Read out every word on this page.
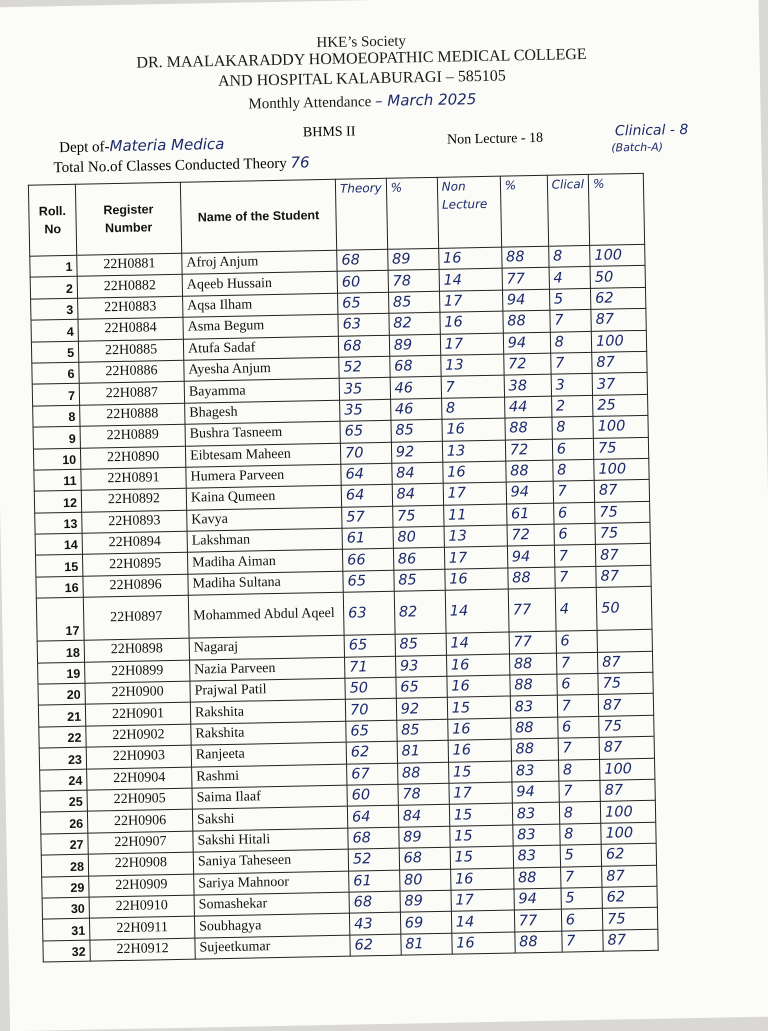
HKE’s Society
DR. MAALAKARADDY HOMOEOPATHIC MEDICAL COLLEGE
AND HOSPITAL KALABURAGI – 585105
Monthly Attendance – March 2025
Dept of-Materia Medica
BHMS II
Total No.of Classes Conducted Theory 76
Non Lecture - 18	Clinical - 8
(Batch-A)
Roll. No	Register Number	Name of the Student	Theory	%	Non Lecture	%	Clical	%
1	22H0881	Afroj Anjum	68	89	16	88	8	100
2	22H0882	Aqeeb Hussain	60	78	14	77	4	50
3	22H0883	Aqsa Ilham	65	85	17	94	5	62
4	22H0884	Asma Begum	63	82	16	88	7	87
5	22H0885	Atufa Sadaf	68	89	17	94	8	100
6	22H0886	Ayesha Anjum	52	68	13	72	7	87
7	22H0887	Bayamma	35	46	7	38	3	37
8	22H0888	Bhagesh	35	46	8	44	2	25
9	22H0889	Bushra Tasneem	65	85	16	88	8	100
10	22H0890	Eibtesam Maheen	70	92	13	72	6	75
11	22H0891	Humera Parveen	64	84	16	88	8	100
12	22H0892	Kaina Qumeen	64	84	17	94	7	87
13	22H0893	Kavya	57	75	11	61	6	75
14	22H0894	Lakshman	61	80	13	72	6	75
15	22H0895	Madiha Aiman	66	86	17	94	7	87
16	22H0896	Madiha Sultana	65	85	16	88	7	87
17	22H0897	Mohammed Abdul Aqeel	63	82	14	77	4	50
18	22H0898	Nagaraj	65	85	14	77	6	
19	22H0899	Nazia Parveen	71	93	16	88	7	87
20	22H0900	Prajwal Patil	50	65	16	88	6	75
21	22H0901	Rakshita	70	92	15	83	7	87
22	22H0902	Rakshita	65	85	16	88	6	75
23	22H0903	Ranjeeta	62	81	16	88	7	87
24	22H0904	Rashmi	67	88	15	83	8	100
25	22H0905	Saima Ilaaf	60	78	17	94	7	87
26	22H0906	Sakshi	64	84	15	83	8	100
27	22H0907	Sakshi Hitali	68	89	15	83	8	100
28	22H0908	Saniya Taheseen	52	68	15	83	5	62
29	22H0909	Sariya Mahnoor	61	80	16	88	7	87
30	22H0910	Somashekar	68	89	17	94	5	62
31	22H0911	Soubhagya	43	69	14	77	6	75
32	22H0912	Sujeetkumar	62	81	16	88	7	87
